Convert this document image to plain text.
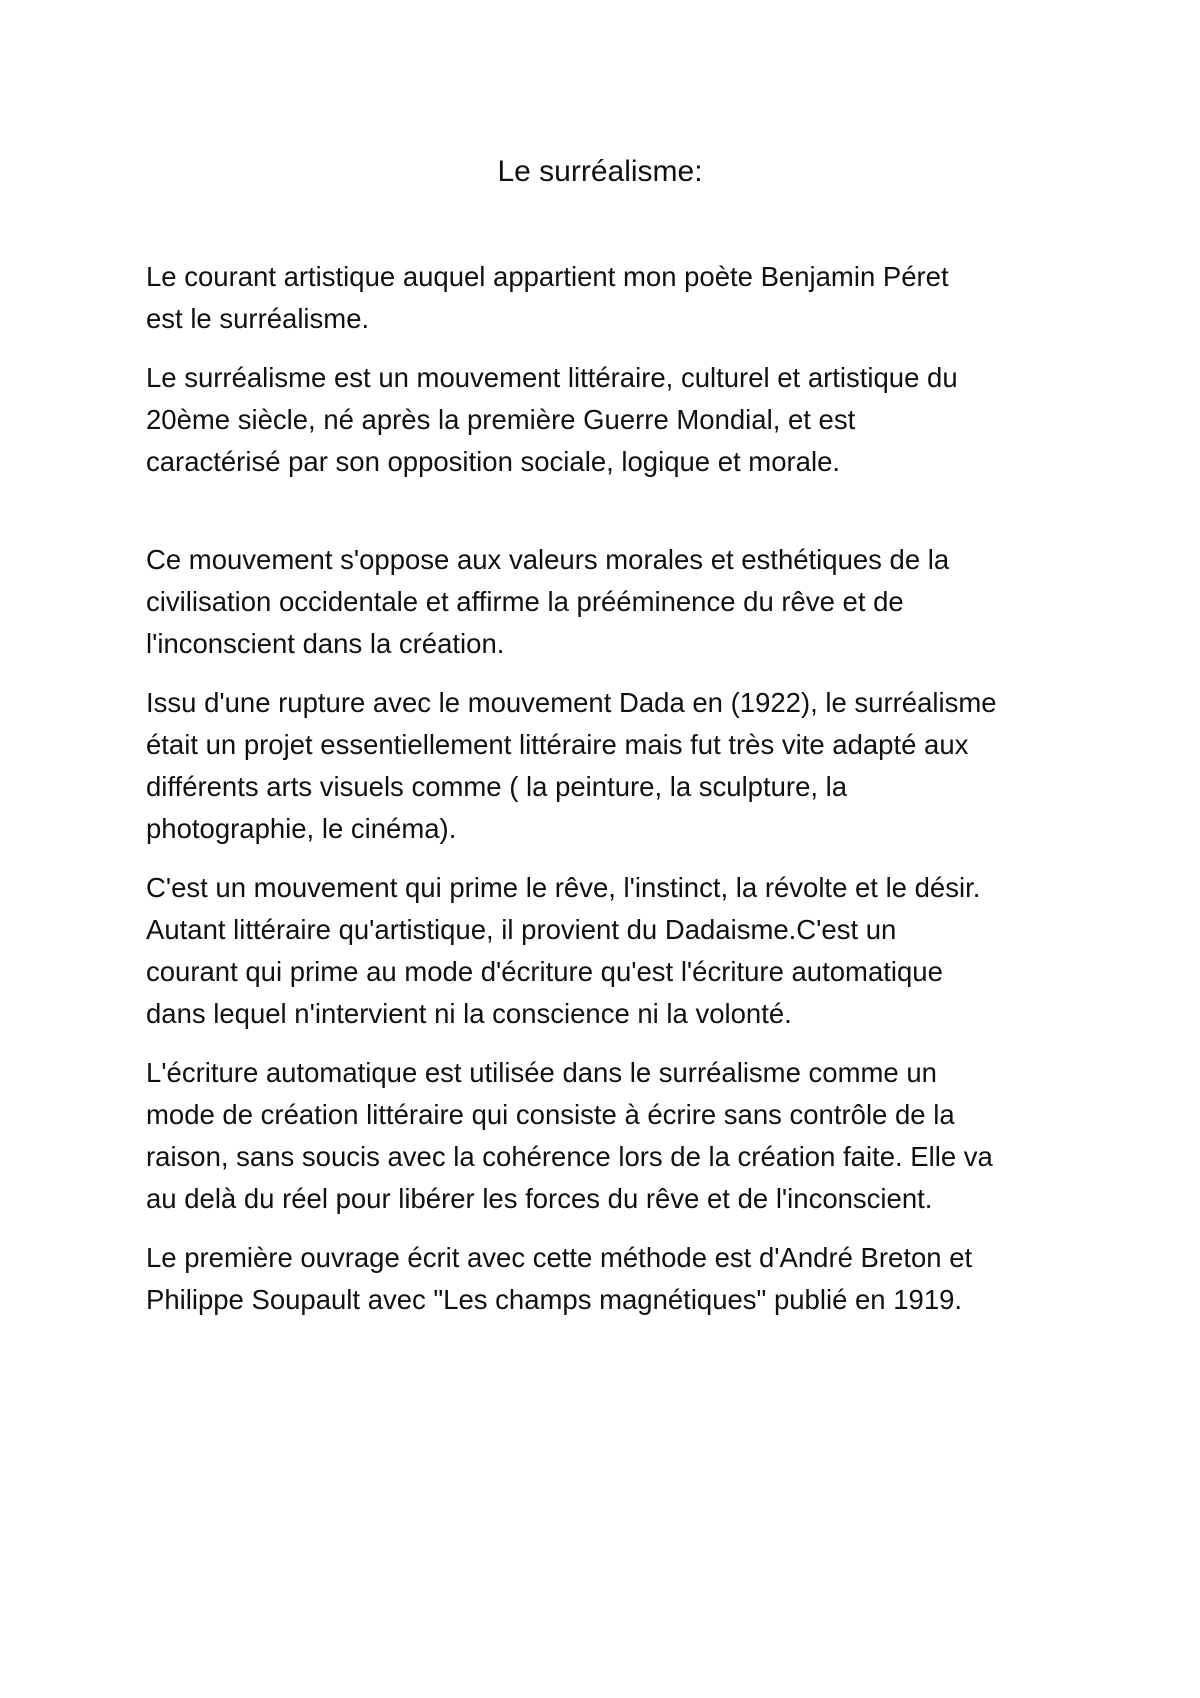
Le surréalisme:

Le courant artistique auquel appartient mon poète Benjamin Péret
est le surréalisme.

Le surréalisme est un mouvement littéraire, culturel et artistique du
20ème siècle, né après la première Guerre Mondial, et est
caractérisé par son opposition sociale, logique et morale.

Ce mouvement s'oppose aux valeurs morales et esthétiques de la
civilisation occidentale et affirme la prééminence du rêve et de
l'inconscient dans la création.

Issu d'une rupture avec le mouvement Dada en (1922), le surréalisme
était un projet essentiellement littéraire mais fut très vite adapté aux
différents arts visuels comme ( la peinture, la sculpture, la
photographie, le cinéma).

C'est un mouvement qui prime le rêve, l'instinct, la révolte et le désir.
Autant littéraire qu'artistique, il provient du Dadaisme.C'est un
courant qui prime au mode d'écriture qu'est l'écriture automatique
dans lequel n'intervient ni la conscience ni la volonté.

L'écriture automatique est utilisée dans le surréalisme comme un
mode de création littéraire qui consiste à écrire sans contrôle de la
raison, sans soucis avec la cohérence lors de la création faite. Elle va
au delà du réel pour libérer les forces du rêve et de l'inconscient.

Le première ouvrage écrit avec cette méthode est d'André Breton et
Philippe Soupault avec "Les champs magnétiques" publié en 1919.
